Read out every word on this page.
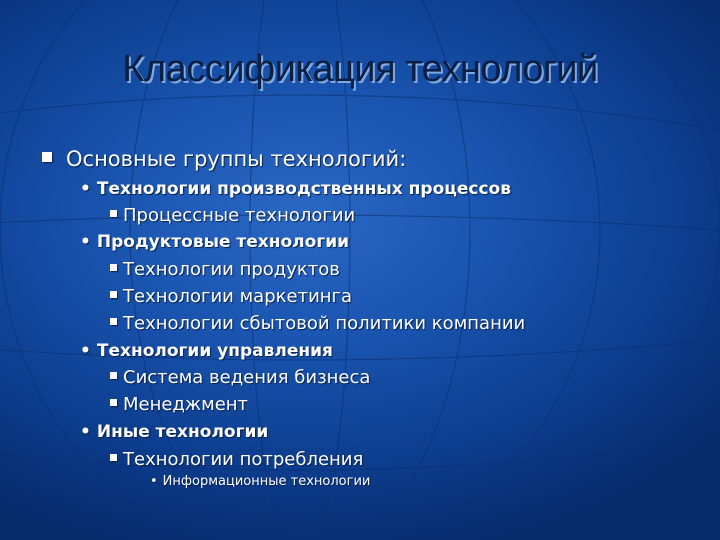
Классификация технологий
Основные группы технологий:
• Технологии производственных процессов
Процессные технологии
• Продуктовые технологии
Технологии продуктов
Технологии маркетинга
Технологии сбытовой политики компании
• Технологии управления
Система ведения бизнеса
Менеджмент
• Иные технологии
Технологии потребления
• Информационные технологии
